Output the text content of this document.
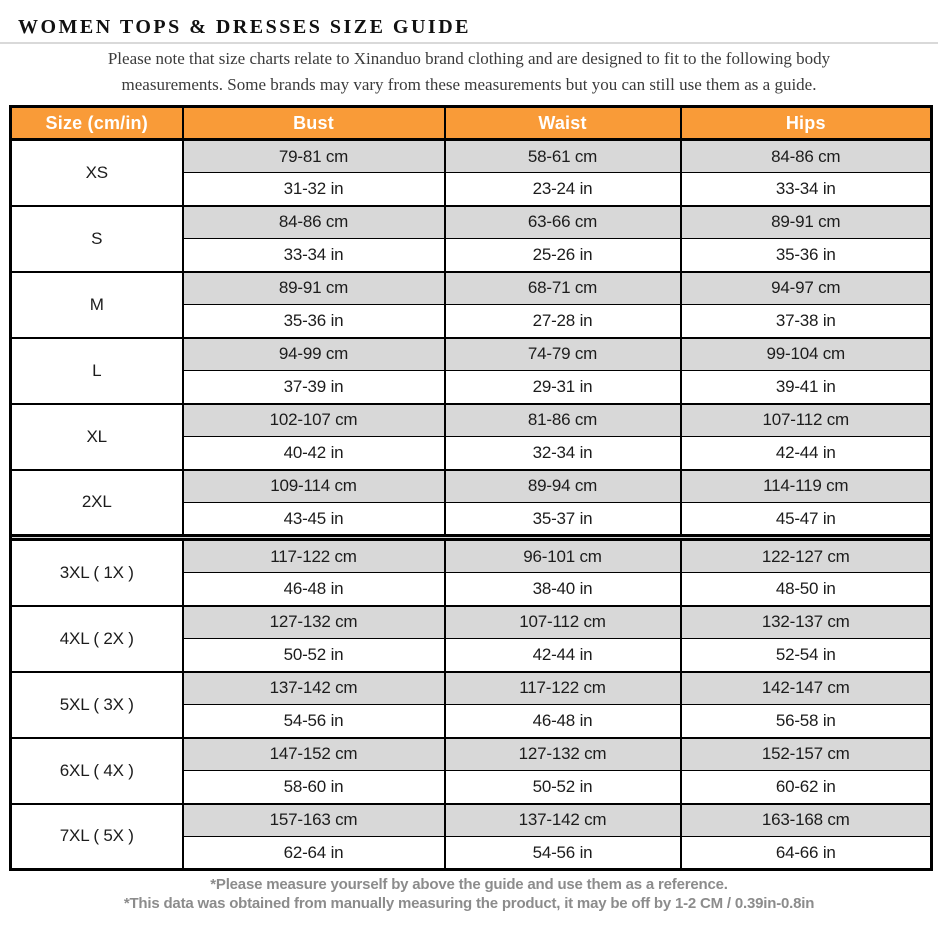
WOMEN TOPS & DRESSES SIZE GUIDE

Please note that size charts relate to Xinanduo brand clothing and are designed to fit to the following body
measurements. Some brands may vary from these measurements but you can still use them as a guide.

Size (cm/in)	Bust	Waist	Hips
XS	79-81 cm	58-61 cm	84-86 cm
	31-32 in	23-24 in	33-34 in
S	84-86 cm	63-66 cm	89-91 cm
	33-34 in	25-26 in	35-36 in
M	89-91 cm	68-71 cm	94-97 cm
	35-36 in	27-28 in	37-38 in
L	94-99 cm	74-79 cm	99-104 cm
	37-39 in	29-31 in	39-41 in
XL	102-107 cm	81-86 cm	107-112 cm
	40-42 in	32-34 in	42-44 in
2XL	109-114 cm	89-94 cm	114-119 cm
	43-45 in	35-37 in	45-47 in

3XL ( 1X )	117-122 cm	96-101 cm	122-127 cm
	46-48 in	38-40 in	48-50 in
4XL ( 2X )	127-132 cm	107-112 cm	132-137 cm
	50-52 in	42-44 in	52-54 in
5XL ( 3X )	137-142 cm	117-122 cm	142-147 cm
	54-56 in	46-48 in	56-58 in
6XL ( 4X )	147-152 cm	127-132 cm	152-157 cm
	58-60 in	50-52 in	60-62 in
7XL ( 5X )	157-163 cm	137-142 cm	163-168 cm
	62-64 in	54-56 in	64-66 in
*Please measure yourself by above the guide and use them as a reference.
*This data was obtained from manually measuring the product, it may be off by 1-2 CM / 0.39in-0.8in
